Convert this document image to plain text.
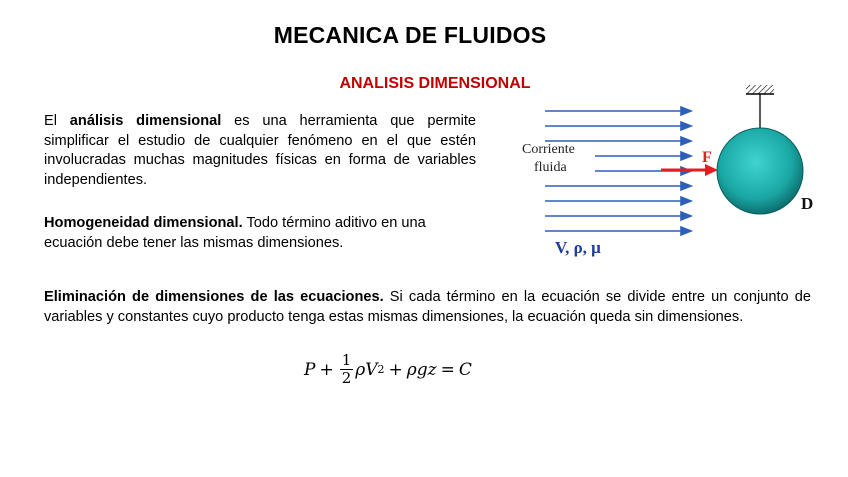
MECANICA DE FLUIDOS
ANALISIS DIMENSIONAL
El análisis dimensional es una herramienta que permite simplificar el estudio de cualquier fenómeno en el que estén involucradas muchas magnitudes físicas en forma de variables independientes.
Homogeneidad dimensional. Todo término aditivo en una ecuación debe tener las mismas dimensiones.
Eliminación de dimensiones de las ecuaciones. Si cada término en la ecuación se divide entre un conjunto de variables y constantes cuyo producto tenga estas mismas dimensiones, la ecuación queda sin dimensiones.
$P + \frac{1}{2}$ ρV 2 + ρgz = C
Corriente
fluida
F
D
V, ρ, μ
